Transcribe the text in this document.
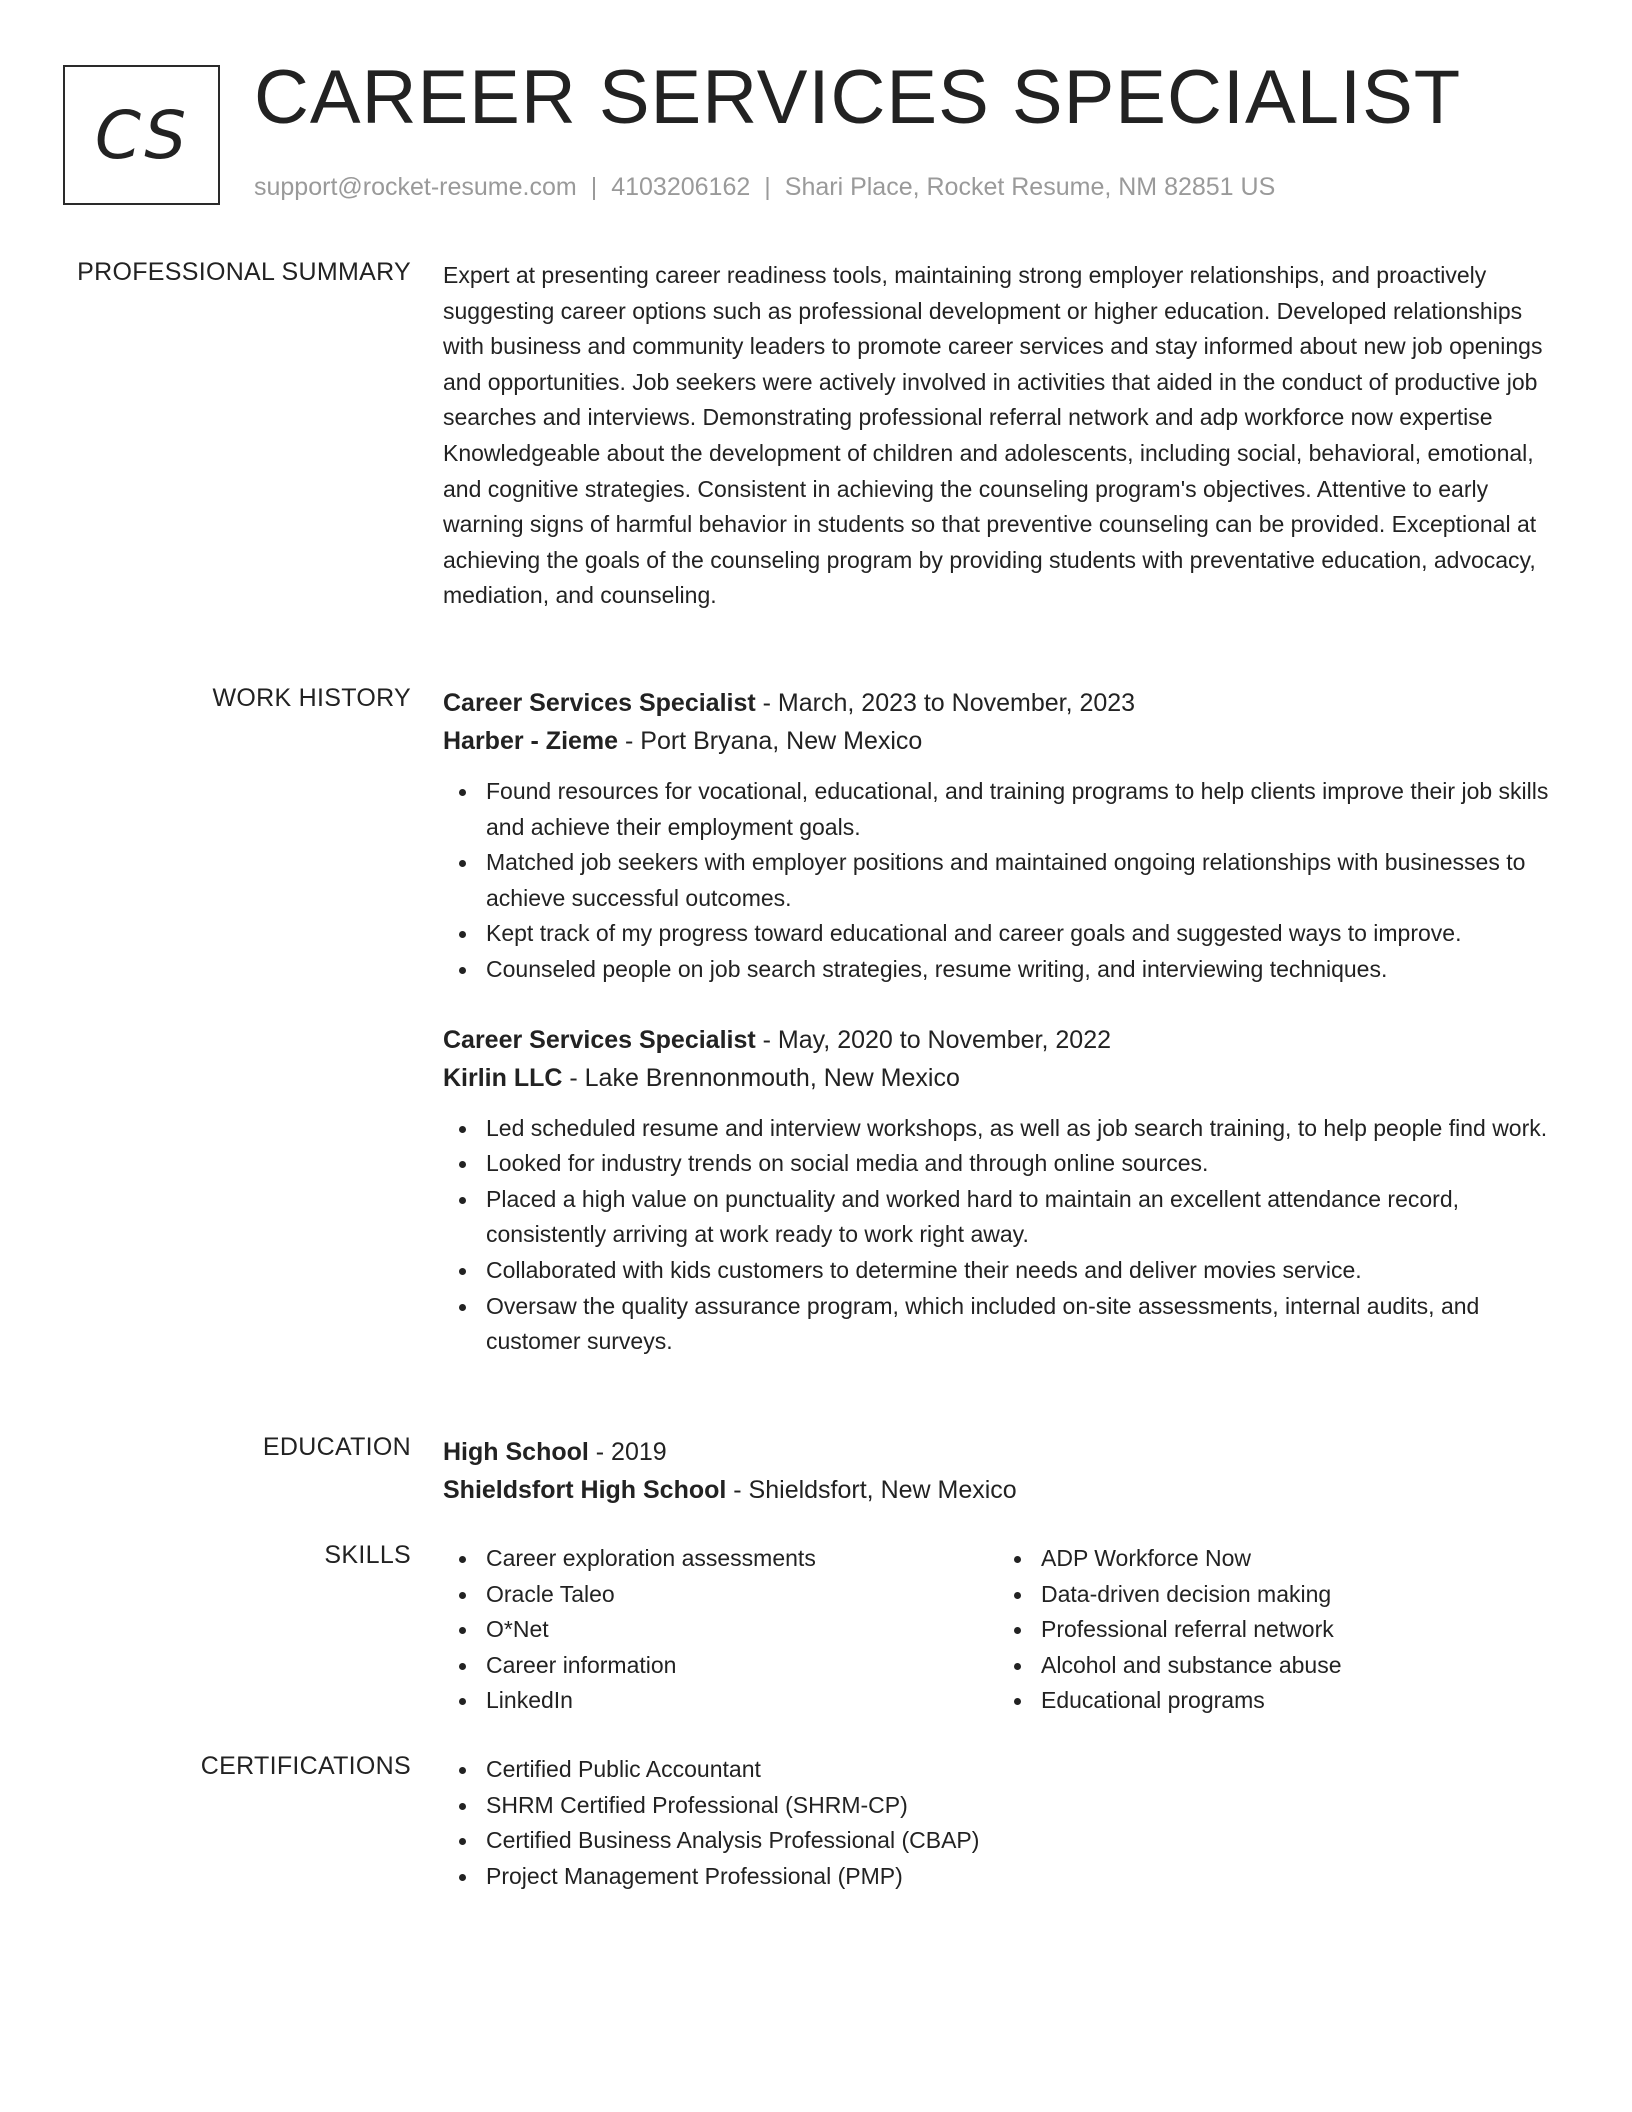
CS CAREER SERVICES SPECIALIST
support@rocket-resume.com | 4103206162 | Shari Place, Rocket Resume, NM 82851 US
PROFESSIONAL SUMMARY Expert at presenting career readiness tools, maintaining strong employer relationships, and proactively suggesting career options such as professional development or higher education. Developed relationships with business and community leaders to promote career services and stay informed about new job openings and opportunities. Job seekers were actively involved in activities that aided in the conduct of productive job searches and interviews. Demonstrating professional referral network and adp workforce now expertise Knowledgeable about the development of children and adolescents, including social, behavioral, emotional, and cognitive strategies. Consistent in achieving the counseling program's objectives. Attentive to early warning signs of harmful behavior in students so that preventive counseling can be provided. Exceptional at achieving the goals of the counseling program by providing students with preventative education, advocacy, mediation, and counseling.

WORK HISTORY Career Services Specialist - March, 2023 to November, 2023
Harber - Zieme - Port Bryana, New Mexico
Found resources for vocational, educational, and training programs to help clients improve their job skills and achieve their employment goals.
Matched job seekers with employer positions and maintained ongoing relationships with businesses to achieve successful outcomes.
Kept track of my progress toward educational and career goals and suggested ways to improve.
Counseled people on job search strategies, resume writing, and interviewing techniques.
Career Services Specialist - May, 2020 to November, 2022
Kirlin LLC - Lake Brennonmouth, New Mexico
Led scheduled resume and interview workshops, as well as job search training, to help people find work.
Looked for industry trends on social media and through online sources.
Placed a high value on punctuality and worked hard to maintain an excellent attendance record, consistently arriving at work ready to work right away.
Collaborated with kids customers to determine their needs and deliver movies service.
Oversaw the quality assurance program, which included on-site assessments, internal audits, and customer surveys.
EDUCATION High School - 2019
Shieldsfort High School - Shieldsfort, New Mexico
SKILLS	Career exploration assessments
Oracle Taleo
O*Net
Career information
LinkedIn
ADP Workforce Now
Data-driven decision making
Professional referral network
Alcohol and substance abuse
Educational programs
CERTIFICATIONS	Certified Public Accountant
SHRM Certified Professional (SHRM-CP)
Certified Business Analysis Professional (CBAP)
Project Management Professional (PMP)
